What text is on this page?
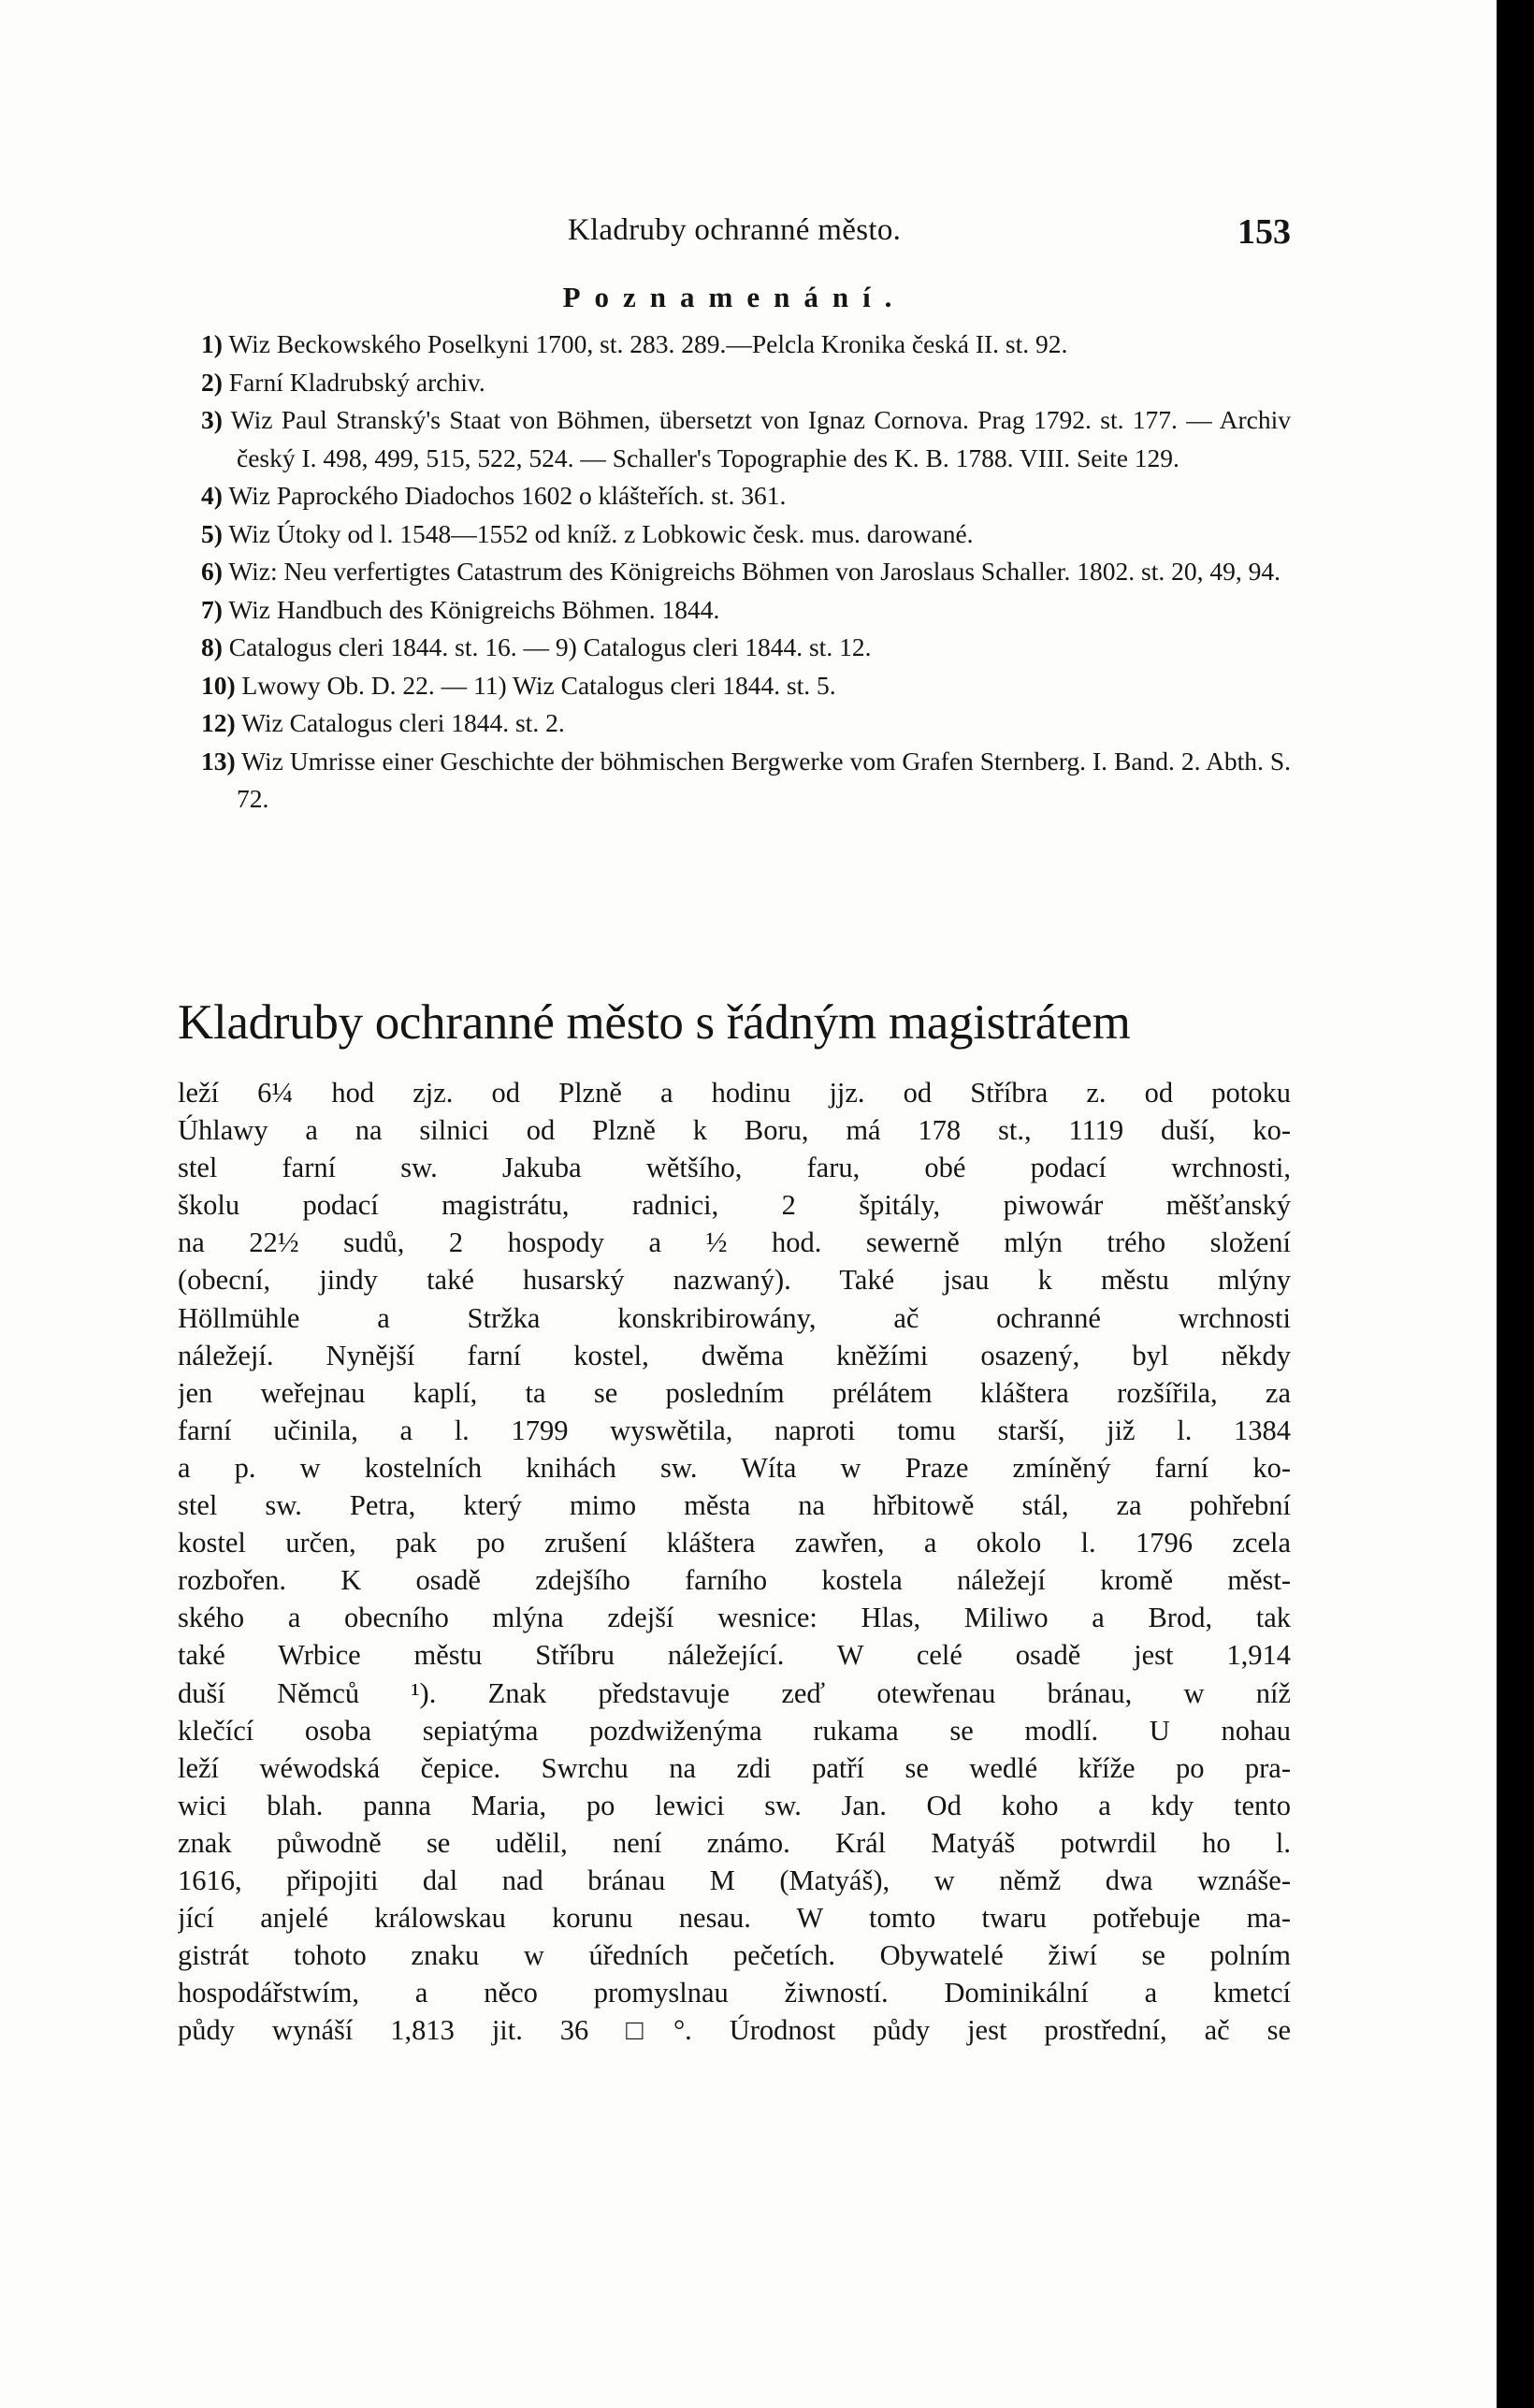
Kladruby ochranné město.	153
Poznamenání.
1) Wiz Beckowského Poselkyni 1700, st. 283. 289.—Pelcla Kronika česká II. st. 92.
2) Farní Kladrubský archiv.
3) Wiz Paul Stranský's Staat von Böhmen, übersetzt von Ignaz Cornova. Prag 1792. st. 177. — Archiv český I. 498, 499, 515, 522, 524. — Schaller's Topographie des K. B. 1788. VIII. Seite 129.
4) Wiz Paprockého Diadochos 1602 o klášteřích. st. 361.
5) Wiz Útoky od l. 1548—1552 od kníž. z Lobkowic česk. mus. darowané.
6) Wiz: Neu verfertigtes Catastrum des Königreichs Böhmen von Jaroslaus Schaller. 1802. st. 20, 49, 94.
7) Wiz Handbuch des Königreichs Böhmen. 1844.
8) Catalogus cleri 1844. st. 16. — 9) Catalogus cleri 1844. st. 12.
10) Lwowy Ob. D. 22. — 11) Wiz Catalogus cleri 1844. st. 5.
12) Wiz Catalogus cleri 1844. st. 2.
13) Wiz Umrisse einer Geschichte der böhmischen Bergwerke vom Grafen Sternberg. I. Band. 2. Abth. S. 72.
Kladruby ochranné město s řádným magistrátem
leží 6¼ hod zjz. od Plzně a hodinu jjz. od Stříbra z. od potoku
Úhlawy a na silnici od Plzně k Boru, má 178 st., 1119 duší, ko-
stel farní sw. Jakuba wětšího, faru, obé podací wrchnosti,
školu podací magistrátu, radnici, 2 špitály, piwowár měšťanský
na 22½ sudů, 2 hospody a ½ hod. sewerně mlýn trého složení
(obecní, jindy také husarský nazwaný). Také jsau k městu mlýny
Höllmühle a Stržka konskribirowány, ač ochranné wrchnosti
náležejí. Nynější farní kostel, dwěma kněžími osazený, byl někdy
jen weřejnau kaplí, ta se posledním prélátem kláštera rozšířila, za
farní učinila, a l. 1799 wyswětila, naproti tomu starší, již l. 1384
a p. w kostelních knihách sw. Wíta w Praze zmíněný farní ko-
stel sw. Petra, který mimo města na hřbitowě stál, za pohřební
kostel určen, pak po zrušení kláštera zawřen, a okolo l. 1796 zcela
rozbořen. K osadě zdejšího farního kostela náležejí kromě měst-
ského a obecního mlýna zdejší wesnice: Hlas, Miliwo a Brod, tak
také Wrbice městu Stříbru náležející. W celé osadě jest 1,914
duší Němců ¹). Znak představuje zeď otewřenau bránau, w níž
klečící osoba sepiatýma pozdwiženýma rukama se modlí. U nohau
leží wéwodská čepice. Swrchu na zdi patří se wedlé kříže po pra-
wici blah. panna Maria, po lewici sw. Jan. Od koho a kdy tento
znak půwodně se udělil, není známo. Král Matyáš potwrdil ho l.
1616, připojiti dal nad bránau M (Matyáš), w němž dwa wznáše-
jící anjelé králowskau korunu nesau. W tomto twaru potřebuje ma-
gistrát tohoto znaku w úředních pečetích. Obywatelé žiwí se polním
hospodářstwím, a něco promyslnau žiwností. Dominikální a kmetcí
půdy wynáší 1,813 jit. 36 □°. Úrodnost půdy jest prostřední, ač se
